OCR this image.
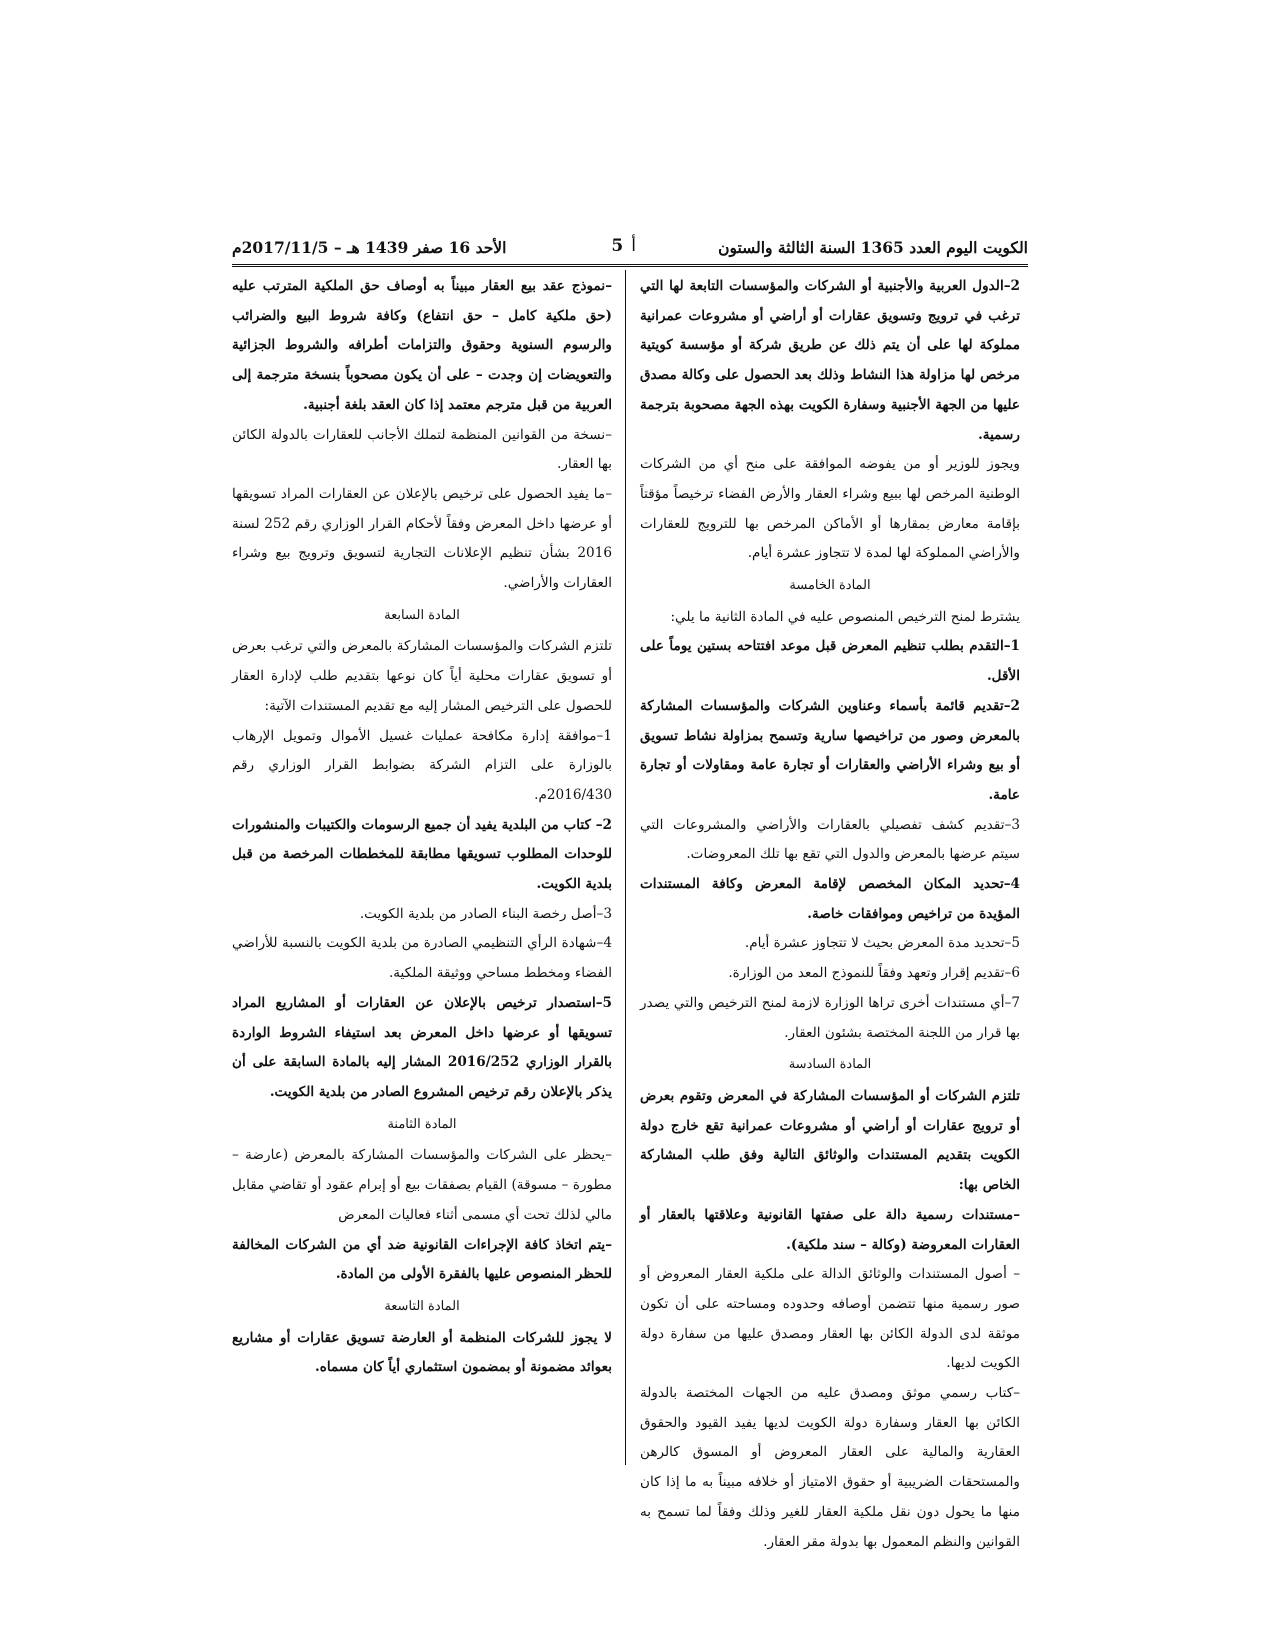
الكويت اليوم العدد 1365 السنة الثالثة والستون
أ5
الأحد 16 صفر 1439 هـ – 2017/11/5م

2–الدول العربية والأجنبية أو الشركات والمؤسسات التابعة لها التي ترغب في ترويج وتسويق عقارات أو أراضي أو مشروعات عمرانية مملوكة لها على أن يتم ذلك عن طريق شركة أو مؤسسة كويتية مرخص لها مزاولة هذا النشاط وذلك بعد الحصول على وكالة مصدق عليها من الجهة الأجنبية وسفارة الكويت بهذه الجهة مصحوبة بترجمة رسمية.

ويجوز للوزير أو من يفوضه الموافقة على منح أي من الشركات الوطنية المرخص لها ببيع وشراء العقار والأرض الفضاء ترخيصاً مؤقتاً بإقامة معارض بمقارها أو الأماكن المرخص بها للترويج للعقارات والأراضي المملوكة لها لمدة لا تتجاوز عشرة أيام.

المادة الخامسة

يشترط لمنح الترخيص المنصوص عليه في المادة الثانية ما يلي:

1–التقدم بطلب تنظيم المعرض قبل موعد افتتاحه بستين يوماً على الأقل.

2–تقديم قائمة بأسماء وعناوين الشركات والمؤسسات المشاركة بالمعرض وصور من تراخيصها سارية وتسمح بمزاولة نشاط تسويق أو بيع وشراء الأراضي والعقارات أو تجارة عامة ومقاولات أو تجارة عامة.

3–تقديم كشف تفصيلي بالعقارات والأراضي والمشروعات التي سيتم عرضها بالمعرض والدول التي تقع بها تلك المعروضات.

4–تحديد المكان المخصص لإقامة المعرض وكافة المستندات المؤيدة من تراخيص وموافقات خاصة.

5–تحديد مدة المعرض بحيث لا تتجاوز عشرة أيام.

6–تقديم إقرار وتعهد وفقاً للنموذج المعد من الوزارة.

7–أي مستندات أخرى تراها الوزارة لازمة لمنح الترخيص والتي يصدر بها قرار من اللجنة المختصة بشئون العقار.

المادة السادسة

تلتزم الشركات أو المؤسسات المشاركة في المعرض وتقوم بعرض أو ترويج عقارات أو أراضي أو مشروعات عمرانية تقع خارج دولة الكويت بتقديم المستندات والوثائق التالية وفق طلب المشاركة الخاص بها:

–مستندات رسمية دالة على صفتها القانونية وعلاقتها بالعقار أو العقارات المعروضة (وكالة – سند ملكية).

– أصول المستندات والوثائق الدالة على ملكية العقار المعروض أو صور رسمية منها تتضمن أوصافه وحدوده ومساحته على أن تكون موثقة لدى الدولة الكائن بها العقار ومصدق عليها من سفارة دولة الكويت لديها.

–كتاب رسمي موثق ومصدق عليه من الجهات المختصة بالدولة الكائن بها العقار وسفارة دولة الكويت لديها يفيد القيود والحقوق العقارية والمالية على العقار المعروض أو المسوق كالرهن والمستحقات الضريبية أو حقوق الامتياز أو خلافه مبيناً به ما إذا كان منها ما يحول دون نقل ملكية العقار للغير وذلك وفقاً لما تسمح به القوانين والنظم المعمول بها بدولة مقر العقار.

–نموذج عقد بيع العقار مبيناً به أوصاف حق الملكية المترتب عليه (حق ملكية كامل – حق انتفاع) وكافة شروط البيع والضرائب والرسوم السنوية وحقوق والتزامات أطرافه والشروط الجزائية والتعويضات إن وجدت – على أن يكون مصحوباً بنسخة مترجمة إلى العربية من قبل مترجم معتمد إذا كان العقد بلغة أجنبية.

–نسخة من القوانين المنظمة لتملك الأجانب للعقارات بالدولة الكائن بها العقار.

–ما يفيد الحصول على ترخيص بالإعلان عن العقارات المراد تسويقها أو عرضها داخل المعرض وفقاً لأحكام القرار الوزاري رقم 252 لسنة 2016 بشأن تنظيم الإعلانات التجارية لتسويق وترويج بيع وشراء العقارات والأراضي.

المادة السابعة

تلتزم الشركات والمؤسسات المشاركة بالمعرض والتي ترغب بعرض أو تسويق عقارات محلية أياً كان نوعها بتقديم طلب لإدارة العقار للحصول على الترخيص المشار إليه مع تقديم المستندات الآتية:

1–موافقة إدارة مكافحة عمليات غسيل الأموال وتمويل الإرهاب بالوزارة على التزام الشركة بضوابط القرار الوزاري رقم 2016/430م.

2– كتاب من البلدية يفيد أن جميع الرسومات والكتيبات والمنشورات للوحدات المطلوب تسويقها مطابقة للمخططات المرخصة من قبل بلدية الكويت.

3–أصل رخصة البناء الصادر من بلدية الكويت.

4–شهادة الرأي التنظيمي الصادرة من بلدية الكويت بالنسبة للأراضي الفضاء ومخطط مساحي ووثيقة الملكية.

5–استصدار ترخيص بالإعلان عن العقارات أو المشاريع المراد تسويقها أو عرضها داخل المعرض بعد استيفاء الشروط الواردة بالقرار الوزاري 2016/252 المشار إليه بالمادة السابقة على أن يذكر بالإعلان رقم ترخيص المشروع الصادر من بلدية الكويت.

المادة الثامنة

–يحظر على الشركات والمؤسسات المشاركة بالمعرض (عارضة – مطورة – مسوقة) القيام بصفقات بيع أو إبرام عقود أو تقاضي مقابل مالي لذلك تحت أي مسمى أثناء فعاليات المعرض

–يتم اتخاذ كافة الإجراءات القانونية ضد أي من الشركات المخالفة للحظر المنصوص عليها بالفقرة الأولى من المادة.

المادة التاسعة

لا يجوز للشركات المنظمة أو العارضة تسويق عقارات أو مشاريع بعوائد مضمونة أو بمضمون استثماري أياً كان مسماه.
